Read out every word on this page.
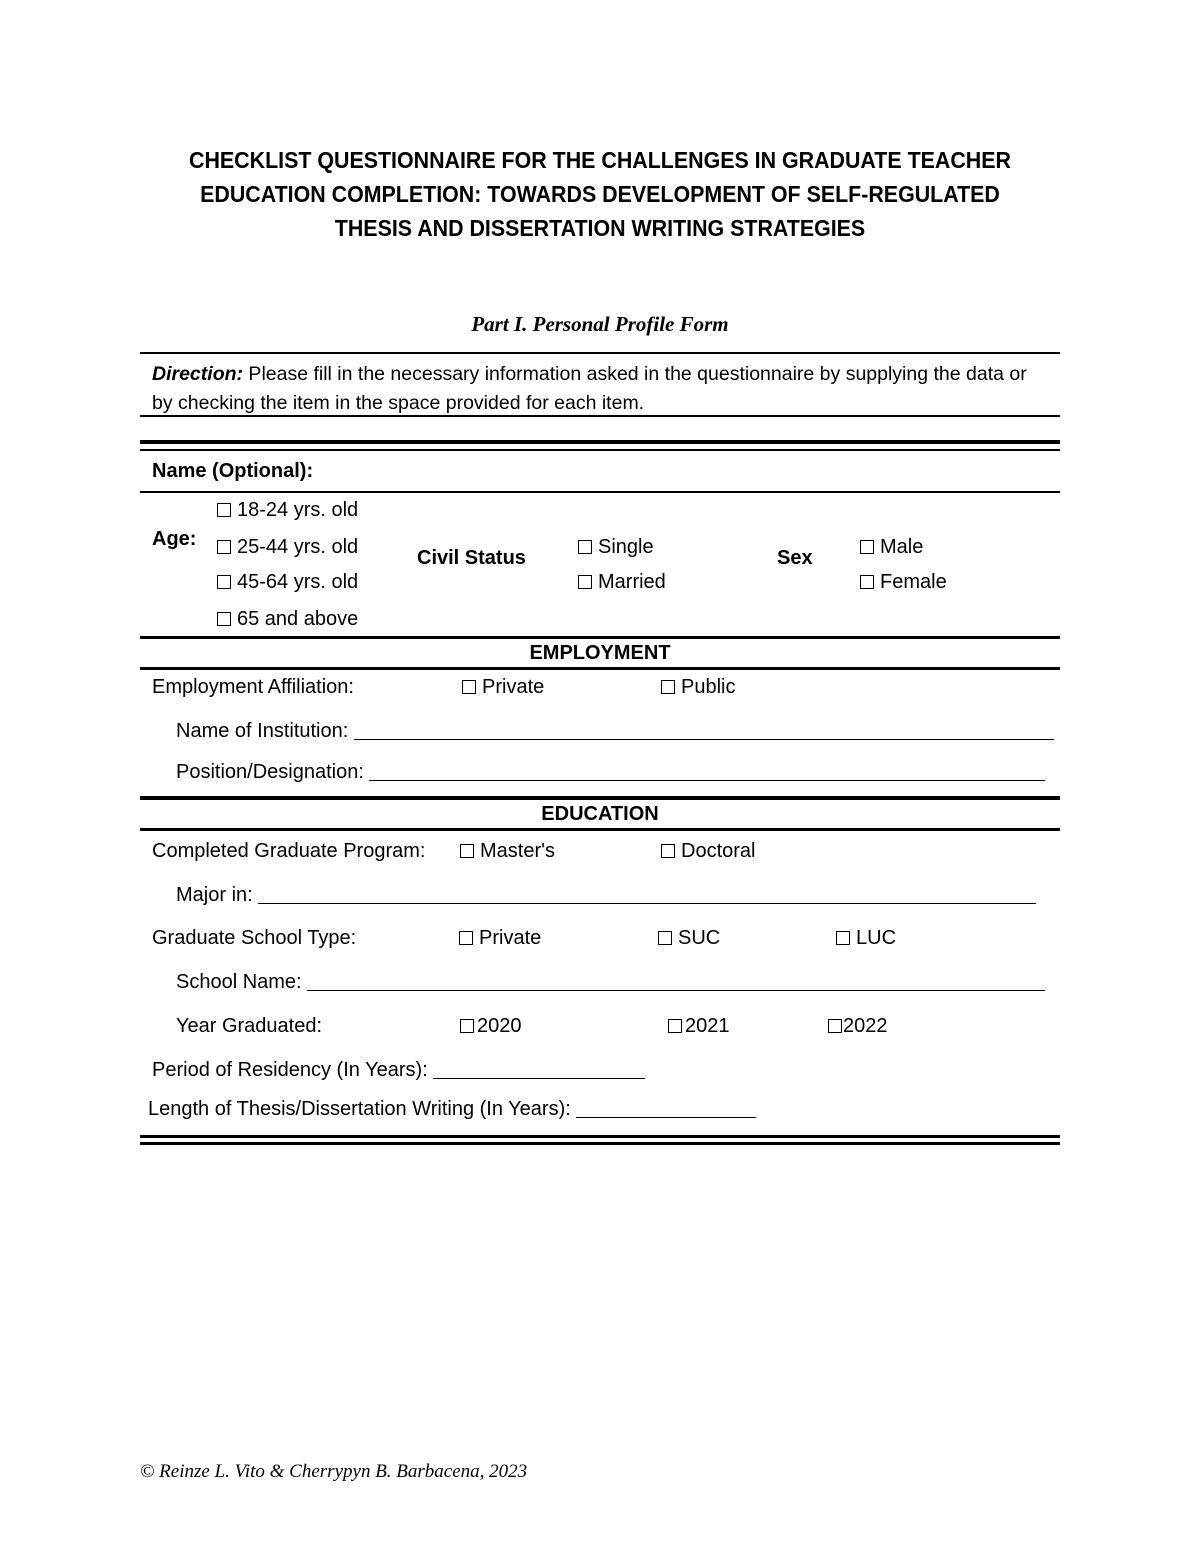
CHECKLIST QUESTIONNAIRE FOR THE CHALLENGES IN GRADUATE TEACHER
EDUCATION COMPLETION: TOWARDS DEVELOPMENT OF SELF-REGULATED
THESIS AND DISSERTATION WRITING STRATEGIES
Part I. Personal Profile Form
Direction: Please fill in the necessary information asked in the questionnaire by supplying the data or by checking the item in the space provided for each item.
Name (Optional):
Age:
18-24 yrs. old
25-44 yrs. old
45-64 yrs. old
65 and above
Civil Status	Single
Married
Sex	Male
Female
EMPLOYMENT
Employment Affiliation:	Private	Public
Name of Institution:
Position/Designation:
EDUCATION
Completed Graduate Program:	Master's	Doctoral
Major in:
Graduate School Type:	Private	SUC	LUC
School Name:
Year Graduated:	2020	2021	2022
Period of Residency (In Years):
Length of Thesis/Dissertation Writing (In Years):
© Reinze L. Vito & Cherrypyn B. Barbacena, 2023
